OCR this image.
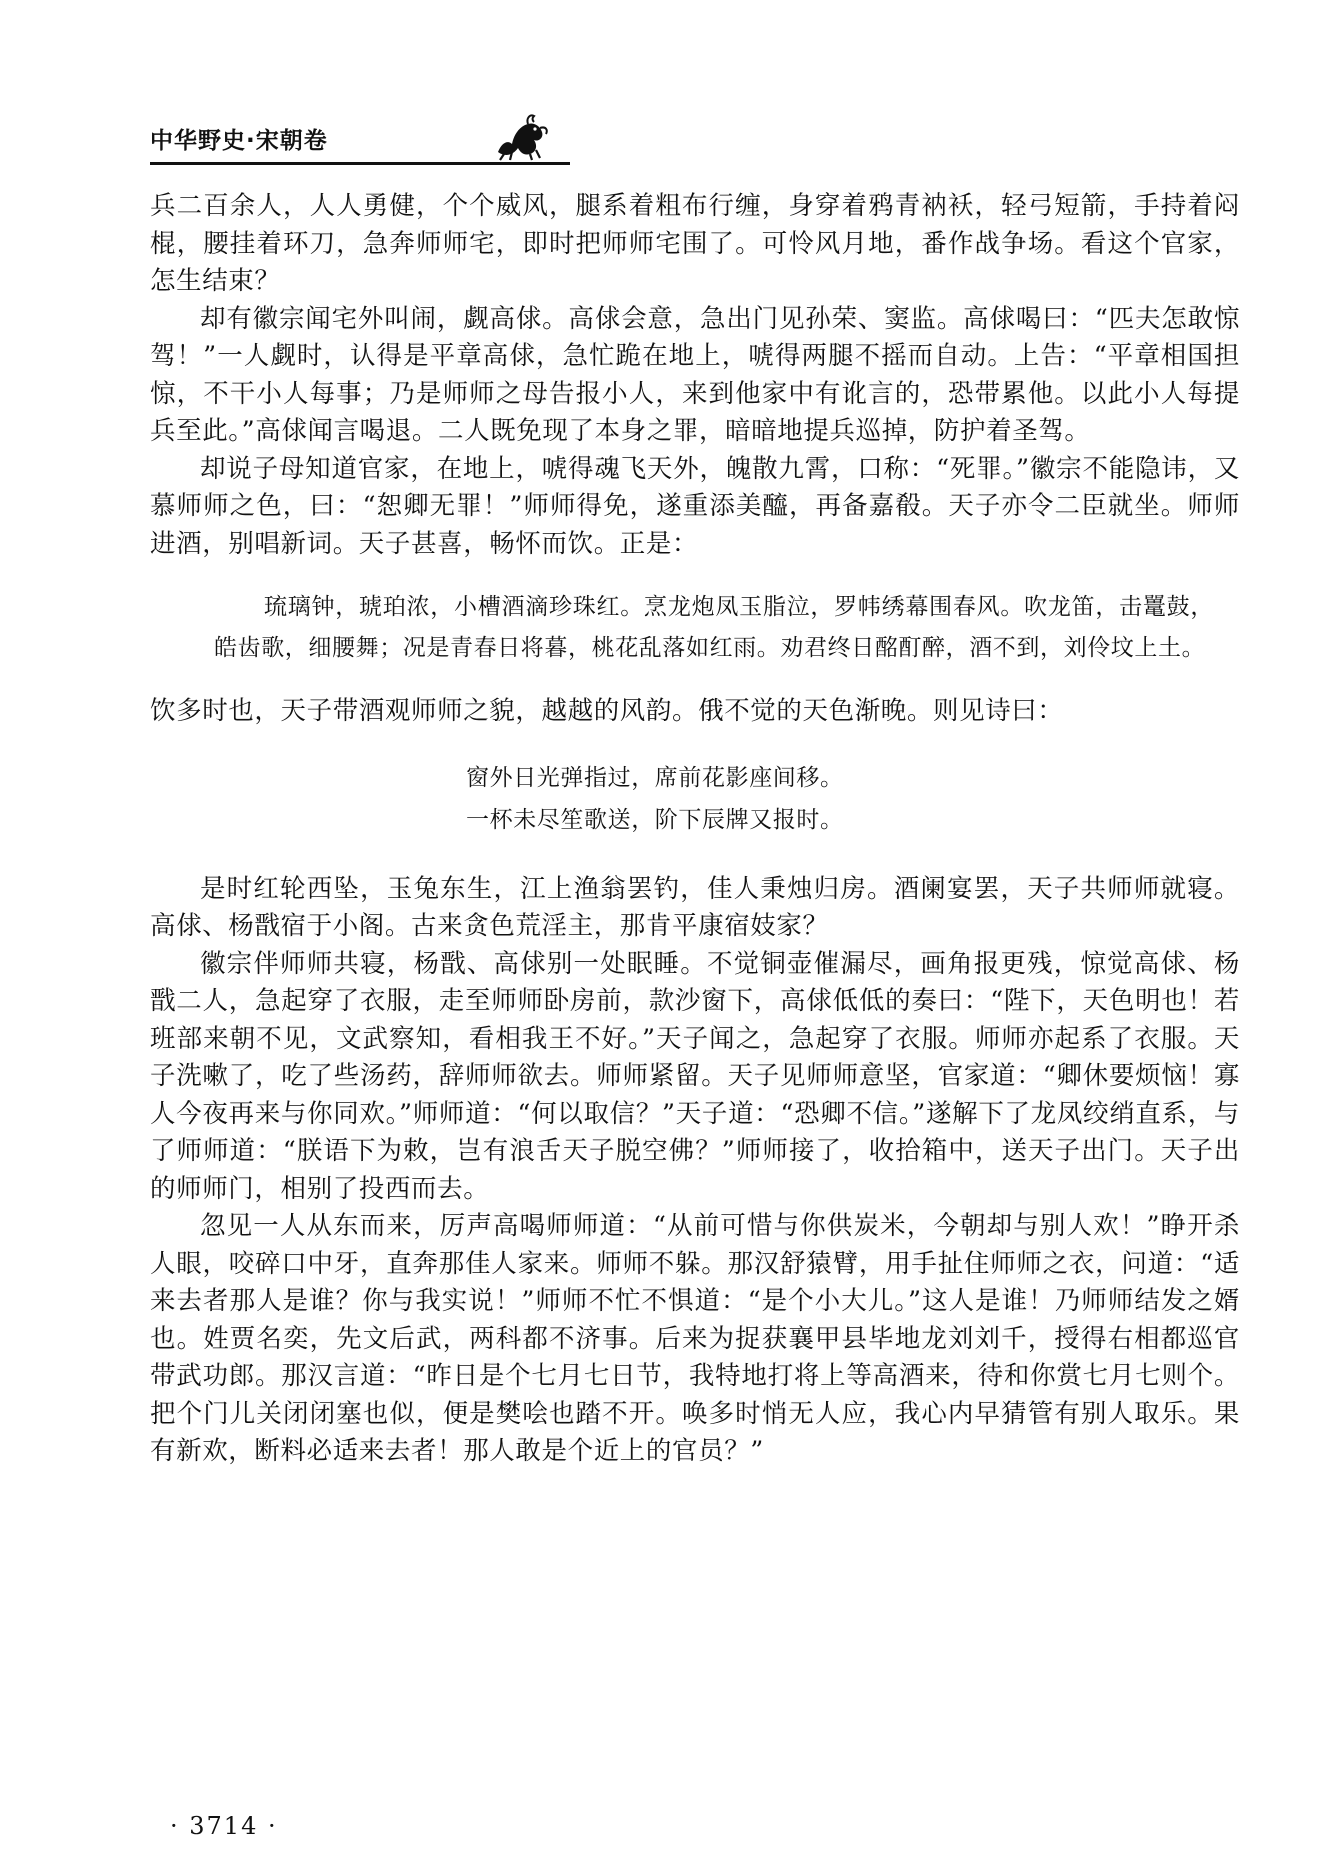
中华野史·宋朝卷

兵二百余人，人人勇健，个个威风，腿系着粗布行缠，身穿着鸦青衲袄，轻弓短箭，手持着闷棍，腰挂着环刀，急奔师师宅，即时把师师宅围了。可怜风月地，番作战争场。看这个官家，怎生结束？

却有徽宗闻宅外叫闹，觑高俅。高俅会意，急出门见孙荣、窦监。高俅喝曰：“匹夫怎敢惊驾！”一人觑时，认得是平章高俅，急忙跪在地上，唬得两腿不摇而自动。上告：“平章相国担惊，不干小人每事；乃是师师之母告报小人，来到他家中有讹言的，恐带累他。以此小人每提兵至此。”高俅闻言喝退。二人既免现了本身之罪，暗暗地提兵巡掉，防护着圣驾。

却说子母知道官家，在地上，唬得魂飞天外，魄散九霄，口称：“死罪。”徽宗不能隐讳，又慕师师之色，曰：“恕卿无罪！”师师得免，遂重添美醯，再备嘉殽。天子亦令二臣就坐。师师进酒，别唱新词。天子甚喜，畅怀而饮。正是：

琉璃钟，琥珀浓，小槽酒滴珍珠红。烹龙炮凤玉脂泣，罗帏绣幕围春风。吹龙笛，击鼍鼓，皓齿歌，细腰舞；况是青春日将暮，桃花乱落如红雨。劝君终日酩酊醉，酒不到，刘伶坟上土。

饮多时也，天子带酒观师师之貌，越越的风韵。俄不觉的天色渐晚。则见诗曰：

窗外日光弹指过，席前花影座间移。
一杯未尽笙歌送，阶下辰牌又报时。

是时红轮西坠，玉兔东生，江上渔翁罢钓，佳人秉烛归房。酒阑宴罢，天子共师师就寝。高俅、杨戬宿于小阁。古来贪色荒淫主，那肯平康宿妓家？

徽宗伴师师共寝，杨戬、高俅别一处眠睡。不觉铜壶催漏尽，画角报更残，惊觉高俅、杨戬二人，急起穿了衣服，走至师师卧房前，款沙窗下，高俅低低的奏曰：“陛下，天色明也！若班部来朝不见，文武察知，看相我王不好。”天子闻之，急起穿了衣服。师师亦起系了衣服。天子洗嗽了，吃了些汤药，辞师师欲去。师师紧留。天子见师师意坚，官家道：“卿休要烦恼！寡人今夜再来与你同欢。”师师道：“何以取信？”天子道：“恐卿不信。”遂解下了龙凤绞绡直系，与了师师道：“朕语下为敕，岂有浪舌天子脱空佛？”师师接了，收拾箱中，送天子出门。天子出的师师门，相别了投西而去。

忽见一人从东而来，厉声高喝师师道：“从前可惜与你供炭米，今朝却与别人欢！”睁开杀人眼，咬碎口中牙，直奔那佳人家来。师师不躲。那汉舒猿臂，用手扯住师师之衣，问道：“适来去者那人是谁？你与我实说！”师师不忙不惧道：“是个小大儿。”这人是谁！乃师师结发之婿也。姓贾名奕，先文后武，两科都不济事。后来为捉获襄甲县毕地龙刘刘千，授得右相都巡官带武功郎。那汉言道：“昨日是个七月七日节，我特地打将上等高酒来，待和你赏七月七则个。把个门儿关闭闭塞也似，便是樊哙也踏不开。唤多时悄无人应，我心内早猜管有别人取乐。果有新欢，断料必适来去者！那人敢是个近上的官员？”

· 3714 ·
